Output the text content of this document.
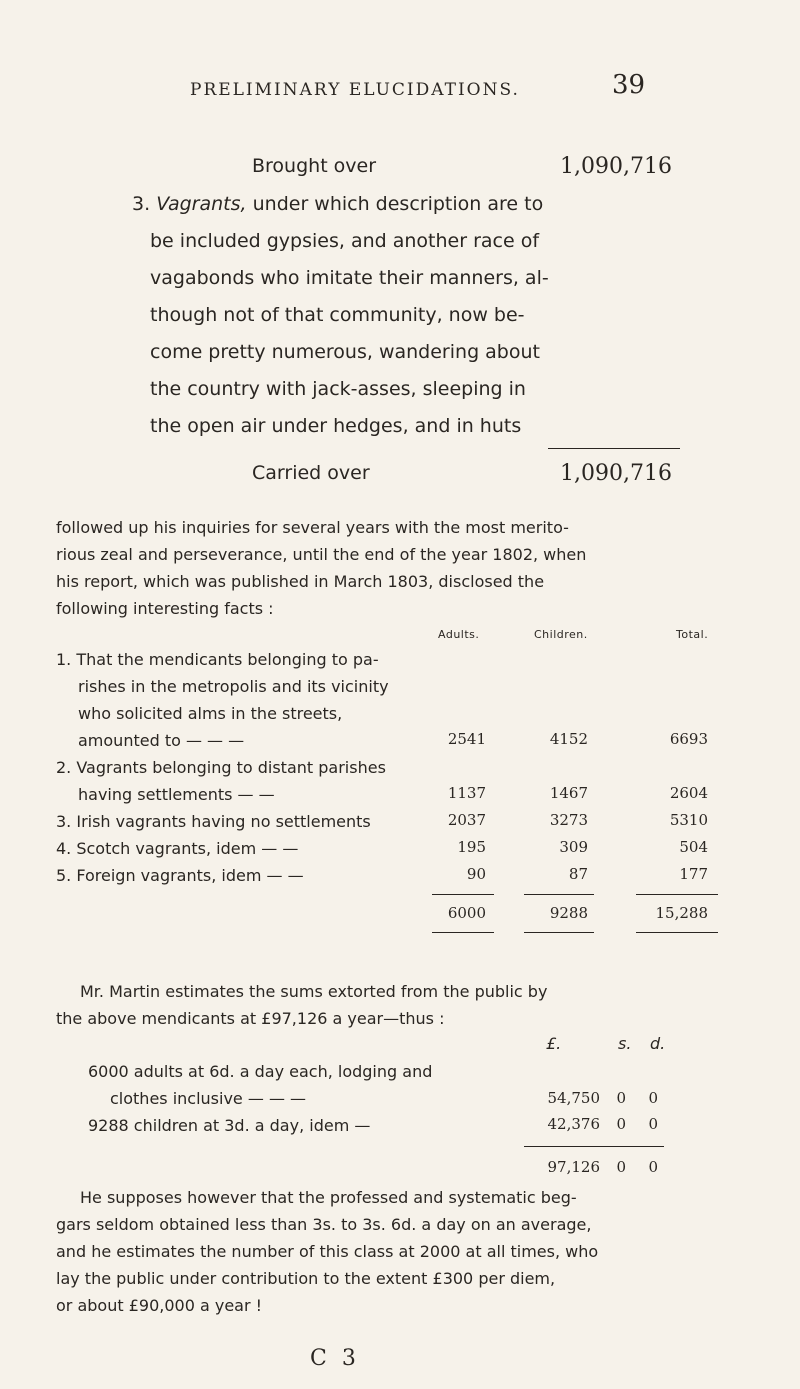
PRELIMINARY ELUCIDATIONS.	39
Brought over	1,090,716
3. Vagrants, under which description are to
be included gypsies, and another race of
vagabonds who imitate their manners, al-
though not of that community, now be-
come pretty numerous, wandering about
the country with jack-asses, sleeping in
the open air under hedges, and in huts
Carried over	1,090,716
followed up his inquiries for several years with the most merito-
rious zeal and perseverance, until the end of the year 1802, when
his report, which was published in March 1803, disclosed the
following interesting facts :
Adults.	Children.	Total.
1. That the mendicants belonging to pa-
rishes in the metropolis and its vicinity
who solicited alms in the streets,
amounted to — — —	2541	4152	6693
2. Vagrants belonging to distant parishes
having settlements — —	1137	1467	2604
3. Irish vagrants having no settlements	2037	3273	5310
4. Scotch vagrants, idem — —	195	309	504
5. Foreign vagrants, idem — —	90	87	177
6000	9288	15,288
Mr. Martin estimates the sums extorted from the public by
the above mendicants at £97,126 a year—thus :
£.	s. d.
6000 adults at 6d. a day each, lodging and
clothes inclusive — — —	54,750	0	0
9288 children at 3d. a day, idem —	42,376	0	0
97,126	0	0
He supposes however that the professed and systematic beg-
gars seldom obtained less than 3s. to 3s. 6d. a day on an average,
and he estimates the number of this class at 2000 at all times, who
lay the public under contribution to the extent £300 per diem,
or about £90,000 a year !
C 3
